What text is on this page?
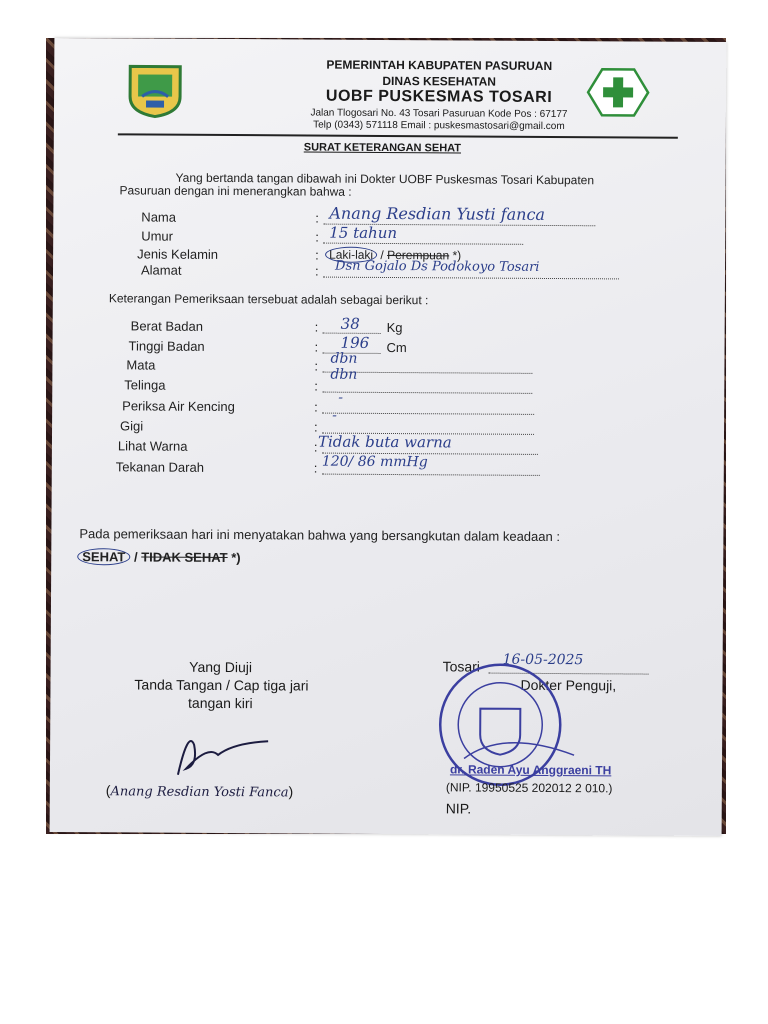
PEMERINTAH KABUPATEN PASURUAN
DINAS KESEHATAN
UOBF PUSKESMAS TOSARI
Jalan Tlogosari No. 43 Tosari Pasuruan Kode Pos : 67177
Telp (0343) 571118 Email : puskesmastosari@gmail.com
SURAT KETERANGAN SEHAT
Yang bertanda tangan dibawah ini Dokter UOBF Puskesmas Tosari Kabupaten
Pasuruan dengan ini menerangkan bahwa :
Nama	: Anang Resdian Yusti fanca
Umur	: 15 tahun
Jenis Kelamin	: Laki-laki / Perempuan *)
Alamat	: Dsn Gojalo Ds Podokoyo Tosari
Keterangan Pemeriksaan tersebuat adalah sebagai berikut :
Berat Badan	: 38 Kg
Tinggi Badan	: 196 Cm
Mata	: dbn
Telinga	:
dbn
Periksa Air Kencing	:
-
Gigi	:
-
Lihat Warna	: Tidak buta warna
Tekanan Darah	: 120/ 86 mmHg
Pada pemeriksaan hari ini menyatakan bahwa yang bersangkutan dalam keadaan :
SEHAT / TIDAK SEHAT *)
Yang Diuji
Tanda Tangan / Cap tiga jari
tangan kiri
(Anang Resdian Yosti Fanca)
Tosari 16-05-2025
Dokter Penguji,
dr. Raden Ayu Anggraeni TH
(NIP. 19950525 202012 2 010.)
NIP.
